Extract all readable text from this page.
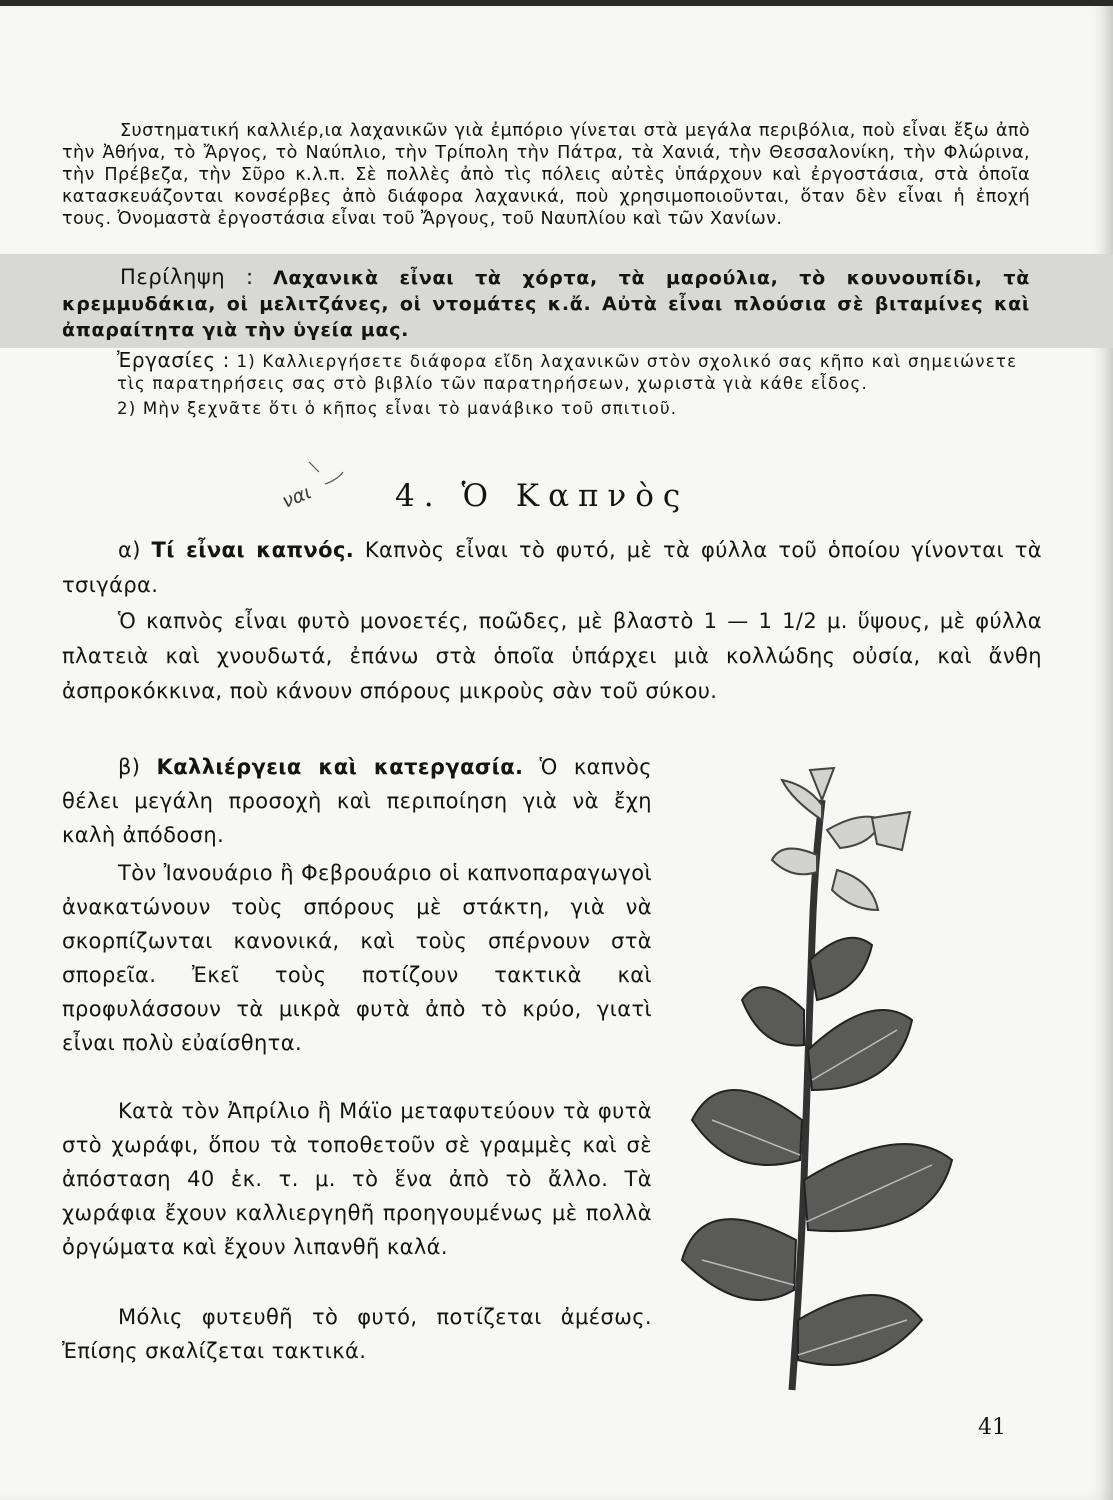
Συστηματική καλλιέρ,ια λαχανικῶν γιὰ ἐμπόριο γίνεται στὰ μεγάλα περιβόλια, ποὺ εἶναι ἔξω ἀπὸ τὴν Ἀθήνα, τὸ Ἄργος, τὸ Ναύπλιο, τὴν Τρίπολη τὴν Πάτρα, τὰ Χανιά, τὴν Θεσσαλονίκη, τὴν Φλώρινα, τὴν Πρέβεζα, τὴν Σῦρο κ.λ.π. Σὲ πολλὲς ἀπὸ τὶς πόλεις αὐτὲς ὑπάρχουν καὶ ἐργοστάσια, στὰ ὁποῖα κατασκευάζονται κονσέρβες ἀπὸ διάφορα λαχανικά, ποὺ χρησιμοποιοῦνται, ὅταν δὲν εἶναι ἡ ἐποχή τους. Ὀνομαστὰ ἐργοστάσια εἶναι τοῦ Ἄργους, τοῦ Ναυπλίου καὶ τῶν Χανίων.
Περίληψη : Λαχανικὰ εἶναι τὰ χόρτα, τὰ μαρούλια, τὸ κουνουπίδι, τὰ κρεμμυδάκια, οἱ μελιτζάνες, οἱ ντομάτες κ.ἄ. Αὐτὰ εἶναι πλούσια σὲ βιταμίνες καὶ ἀπαραίτητα γιὰ τὴν ὑγεία μας.
Ἐργασίες : 1) Καλλιεργήσετε διάφορα εἴδη λαχανικῶν στὸν σχολικό σας κῆπο καὶ σημειώνετε τὶς παρατηρήσεις σας στὸ βιβλίο τῶν παρατηρήσεων, χωριστὰ γιὰ κάθε εἶδος.
2) Μὴν ξεχνᾶτε ὅτι ὁ κῆπος εἶναι τὸ μανάβικο τοῦ σπιτιοῦ.
ναι	4. Ὁ Καπνὸς
α) Τί εἶναι καπνός. Καπνὸς εἶναι τὸ φυτό, μὲ τὰ φύλλα τοῦ ὁποίου γίνονται τὰ τσιγάρα.
Ὁ καπνὸς εἶναι φυτὸ μονοετές, ποῶδες, μὲ βλαστὸ 1 — 1 1/2 μ. ὕψους, μὲ φύλλα πλατειὰ καὶ χνουδωτά, ἐπάνω στὰ ὁποῖα ὑπάρχει μιὰ κολλώδης οὐσία, καὶ ἄνθη ἀσπροκόκκινα, ποὺ κάνουν σπόρους μικροὺς σὰν τοῦ σύκου.
β) Καλλιέργεια καὶ κατεργασία. Ὁ καπνὸς θέλει μεγάλη προσοχὴ καὶ περιποίηση γιὰ νὰ ἔχη καλὴ ἀπόδοση.
Τὸν Ἰανουάριο ἢ Φεβρουάριο οἱ καπνοπαραγωγοὶ ἀνακατώνουν τοὺς σπόρους μὲ στάκτη, γιὰ νὰ σκορπίζωνται κανονικά, καὶ τοὺς σπέρνουν στὰ σπορεῖα. Ἐκεῖ τοὺς ποτίζουν τακτικὰ καὶ προφυλάσσουν τὰ μικρὰ φυτὰ ἀπὸ τὸ κρύο, γιατὶ εἶναι πολὺ εὐαίσθητα.
Κατὰ τὸν Ἀπρίλιο ἢ Μάϊο μεταφυτεύουν τὰ φυτὰ στὸ χωράφι, ὅπου τὰ τοποθετοῦν σὲ γραμμὲς καὶ σὲ ἀπόσταση 40 ἑκ. τ. μ. τὸ ἕνα ἀπὸ τὸ ἄλλο. Τὰ χωράφια ἔχουν καλλιεργηθῆ προηγουμένως μὲ πολλὰ ὀργώματα καὶ ἔχουν λιπανθῆ καλά.
Μόλις φυτευθῆ τὸ φυτό, ποτίζεται ἀμέσως. Ἐπίσης σκαλίζεται τακτικά.
41
